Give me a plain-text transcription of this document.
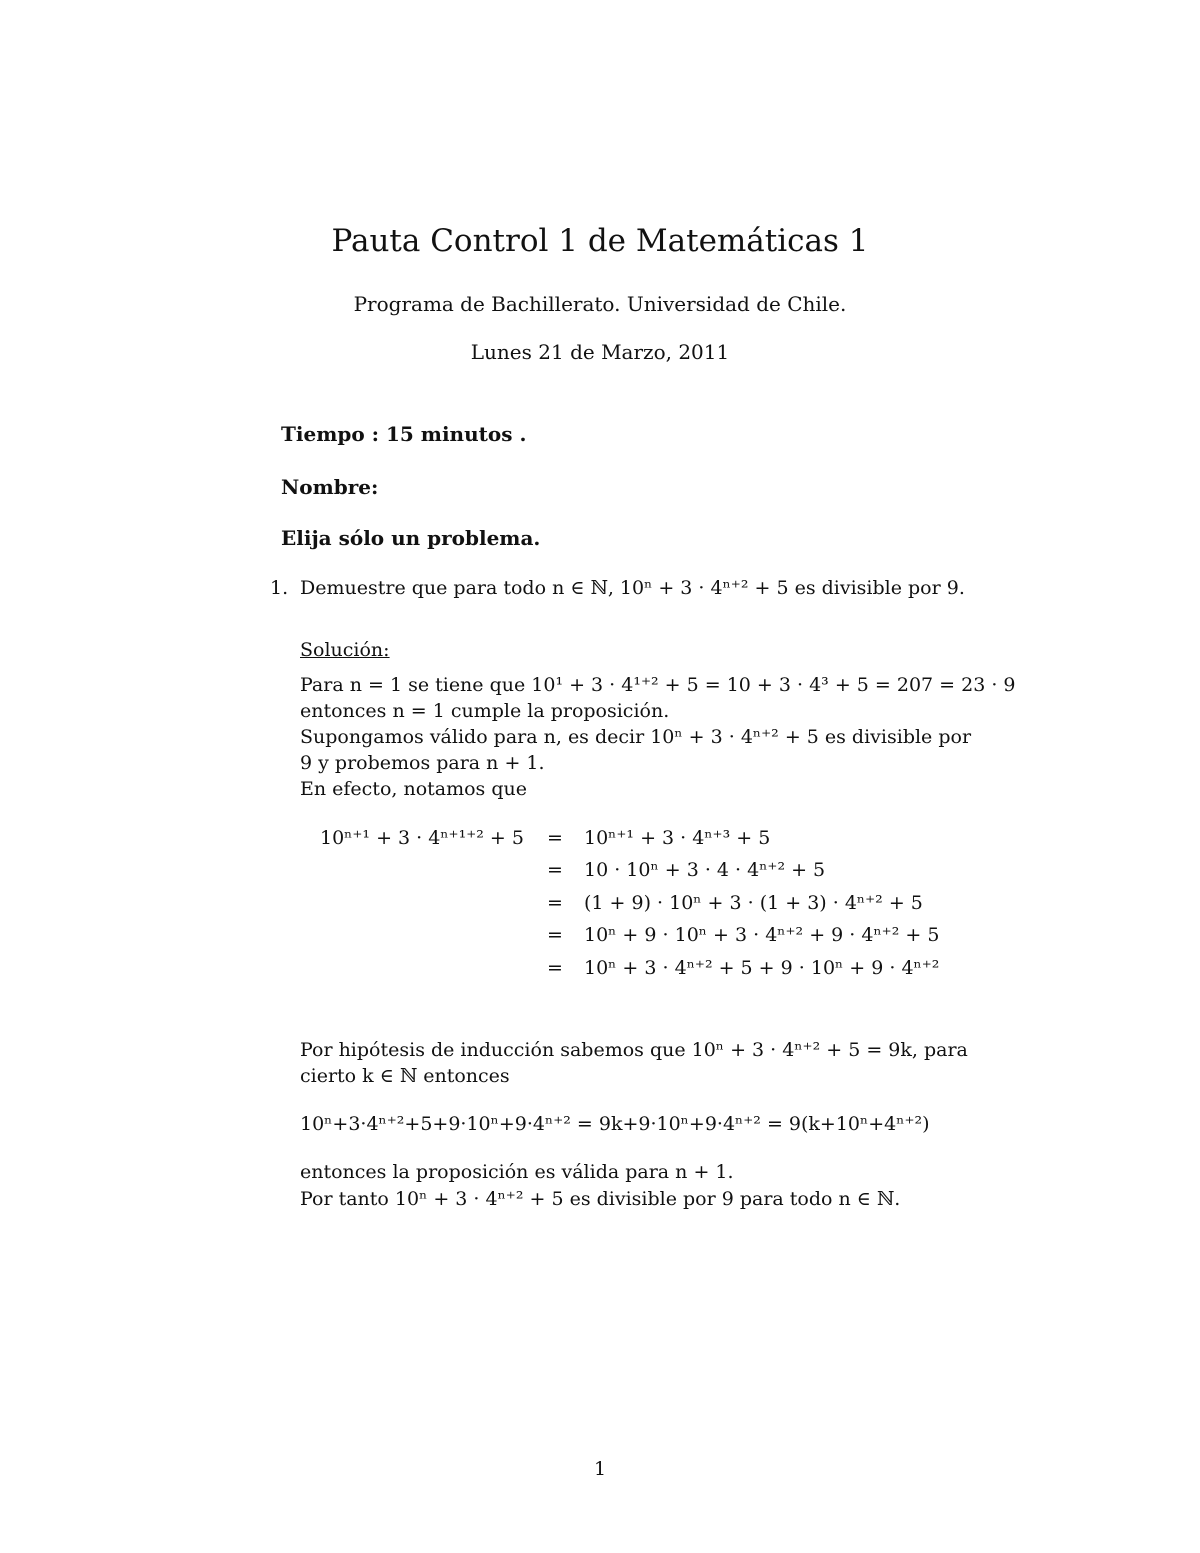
Pauta Control 1 de Matemáticas 1
Programa de Bachillerato. Universidad de Chile.
Lunes 21 de Marzo, 2011
Tiempo : 15 minutos .
Nombre:
Elija sólo un problema.
1. Demuestre que para todo n ∈ ℕ, 10ⁿ + 3 · 4ⁿ⁺² + 5 es divisible por 9.
Solución:
Para n = 1 se tiene que 10¹ + 3 · 4¹⁺² + 5 = 10 + 3 · 4³ + 5 = 207 = 23 · 9
entonces n = 1 cumple la proposición.
Supongamos válido para n, es decir 10ⁿ + 3 · 4ⁿ⁺² + 5 es divisible por
9 y probemos para n + 1.
En efecto, notamos que
10ⁿ⁺¹ + 3 · 4ⁿ⁺¹⁺² + 5 = 10ⁿ⁺¹ + 3 · 4ⁿ⁺³ + 5
= 10 · 10ⁿ + 3 · 4 · 4ⁿ⁺² + 5
= (1 + 9) · 10ⁿ + 3 · (1 + 3) · 4ⁿ⁺² + 5
= 10ⁿ + 9 · 10ⁿ + 3 · 4ⁿ⁺² + 9 · 4ⁿ⁺² + 5
= 10ⁿ + 3 · 4ⁿ⁺² + 5 + 9 · 10ⁿ + 9 · 4ⁿ⁺²
Por hipótesis de inducción sabemos que 10ⁿ + 3 · 4ⁿ⁺² + 5 = 9k, para
cierto k ∈ ℕ entonces
10ⁿ+3·4ⁿ⁺²+5+9·10ⁿ+9·4ⁿ⁺² = 9k+9·10ⁿ+9·4ⁿ⁺² = 9(k+10ⁿ+4ⁿ⁺²)
entonces la proposición es válida para n + 1.
Por tanto 10ⁿ + 3 · 4ⁿ⁺² + 5 es divisible por 9 para todo n ∈ ℕ.
1
